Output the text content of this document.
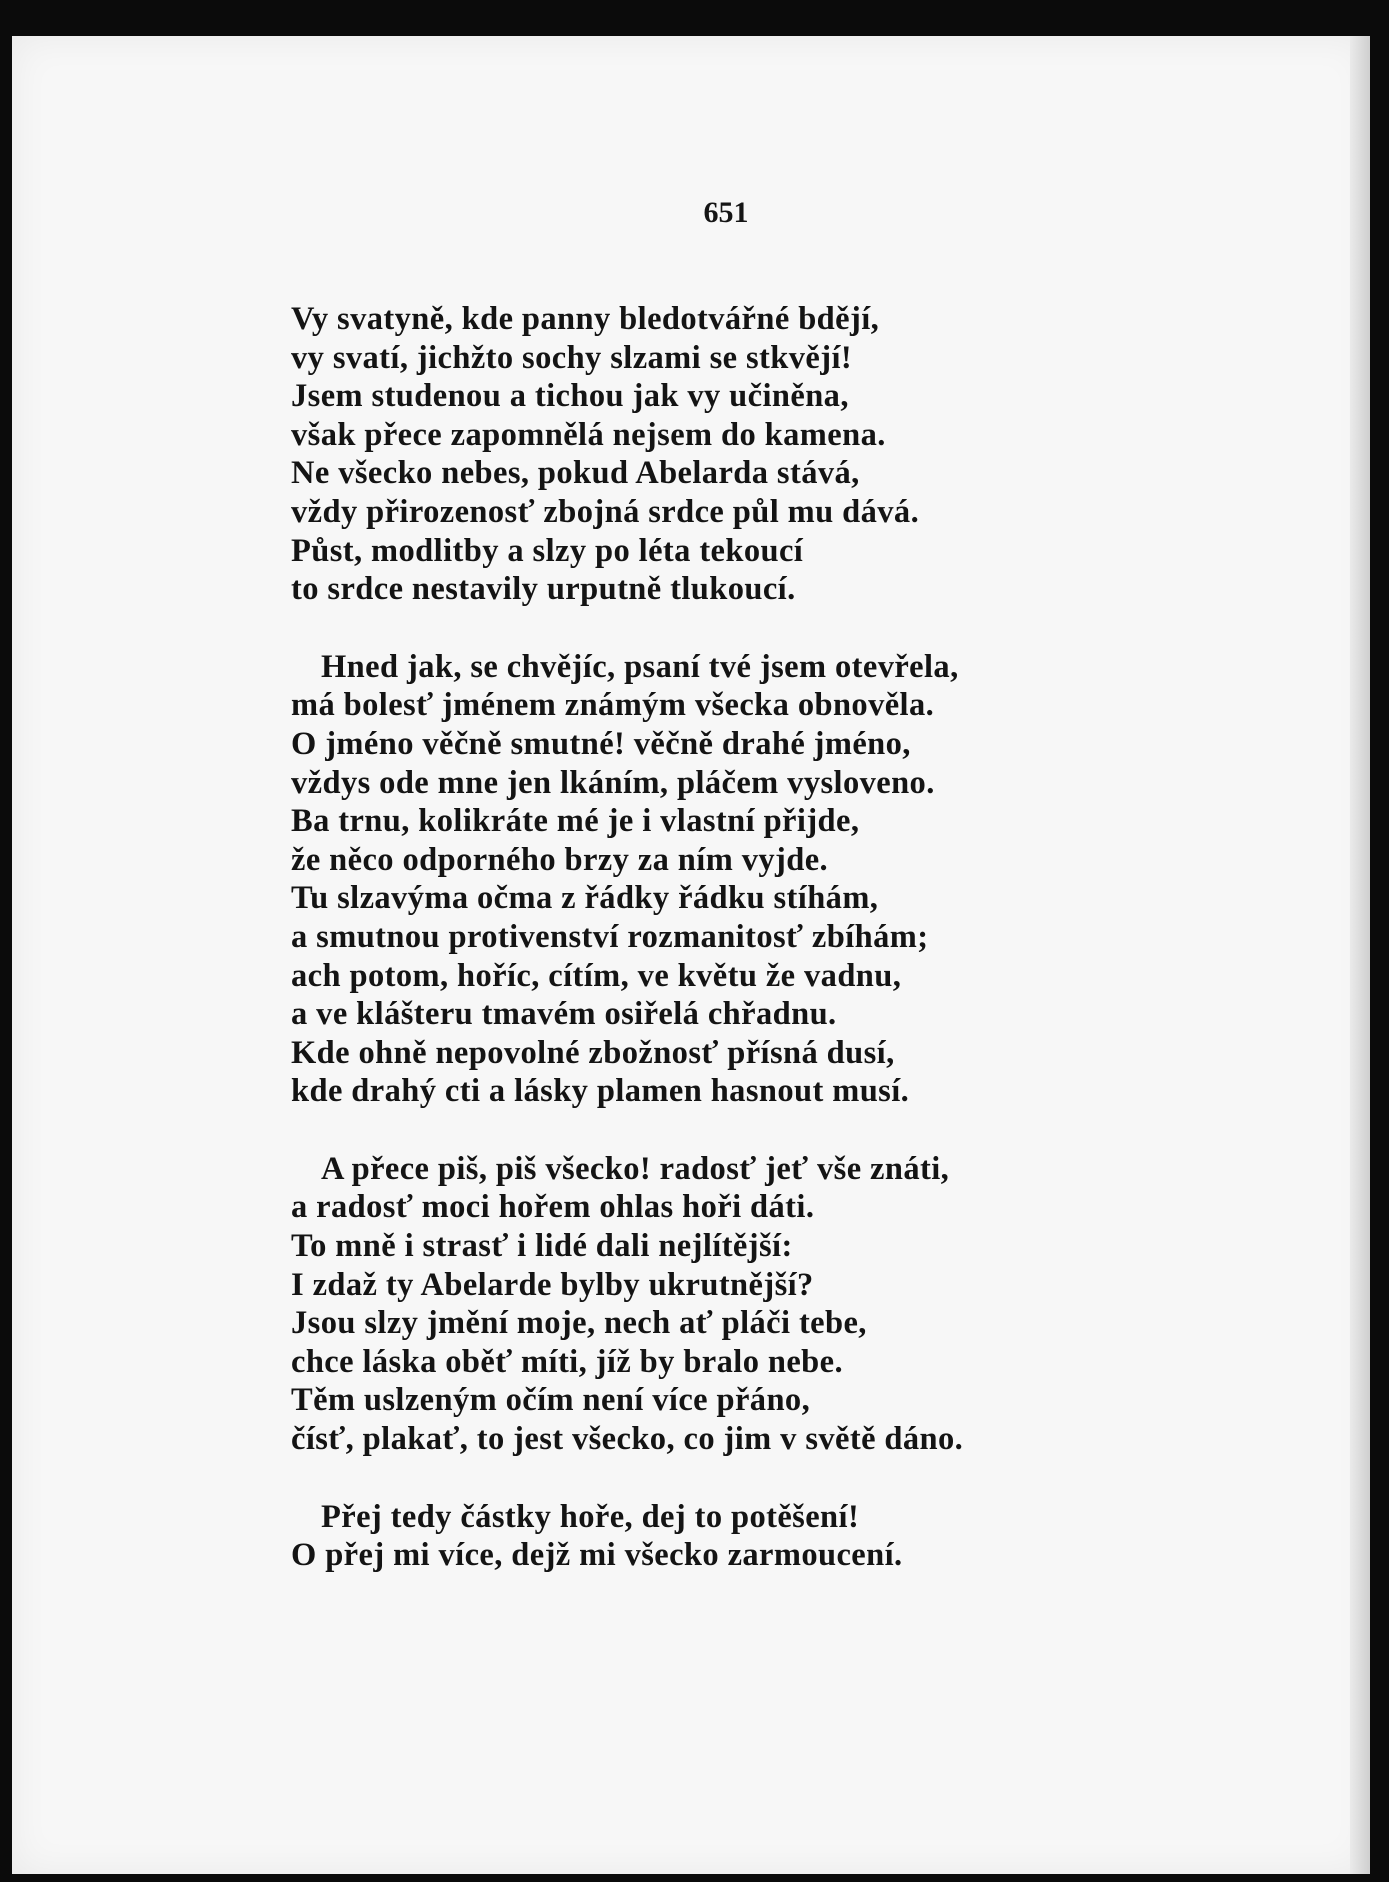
651
Vy svatyně, kde panny bledotvářné bdějí,
vy svatí, jichžto sochy slzami se stkvějí!
Jsem studenou a tichou jak vy učiněna,
však přece zapomnělá nejsem do kamena.
Ne všecko nebes, pokud Abelarda stává,
vždy přirozenosť zbojná srdce půl mu dává.
Půst, modlitby a slzy po léta tekoucí
to srdce nestavily urputně tlukoucí.
Hned jak, se chvějíc, psaní tvé jsem otevřela,
má bolesť jménem známým všecka obnověla.
O jméno věčně smutné! věčně drahé jméno,
vždys ode mne jen lkáním, pláčem vysloveno.
Ba trnu, kolikráte mé je i vlastní přijde,
že něco odporného brzy za ním vyjde.
Tu slzavýma očma z řádky řádku stíhám,
a smutnou protivenství rozmanitosť zbíhám;
ach potom, hoříc, cítím, ve květu že vadnu,
a ve klášteru tmavém osiřelá chřadnu.
Kde ohně nepovolné zbožnosť přísná dusí,
kde drahý cti a lásky plamen hasnout musí.
A přece piš, piš všecko! radosť jeť vše znáti,
a radosť moci hořem ohlas hoři dáti.
To mně i strasť i lidé dali nejlítější:
I zdaž ty Abelarde bylby ukrutnější?
Jsou slzy jmění moje, nech ať pláči tebe,
chce láska oběť míti, jíž by bralo nebe.
Těm uslzeným očím není více přáno,
čísť, plakať, to jest všecko, co jim v světě dáno.
Přej tedy částky hoře, dej to potěšení!
O přej mi více, dejž mi všecko zarmoucení.
